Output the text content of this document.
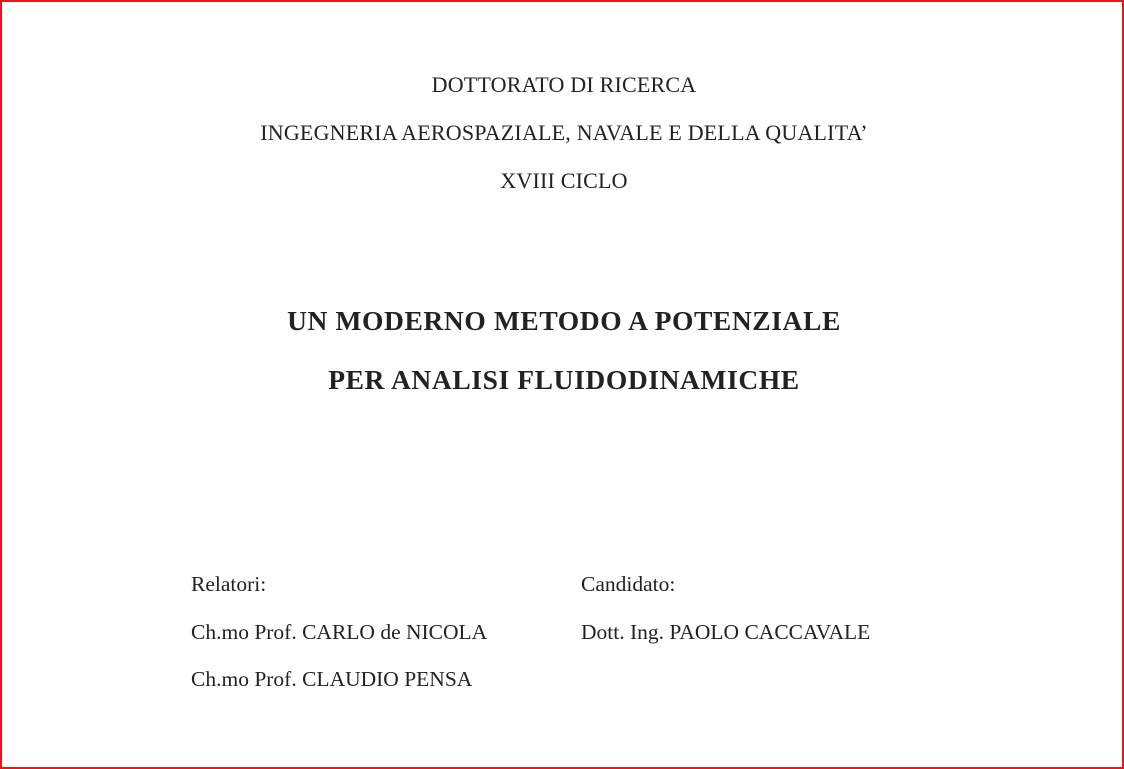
DOTTORATO DI RICERCA
INGEGNERIA AEROSPAZIALE, NAVALE E DELLA QUALITA’
XVIII CICLO
UN MODERNO METODO A POTENZIALE
PER ANALISI FLUIDODINAMICHE
Relatori:
Ch.mo Prof. CARLO de NICOLA
Ch.mo Prof. CLAUDIO PENSA
Candidato:
Dott. Ing. PAOLO CACCAVALE
